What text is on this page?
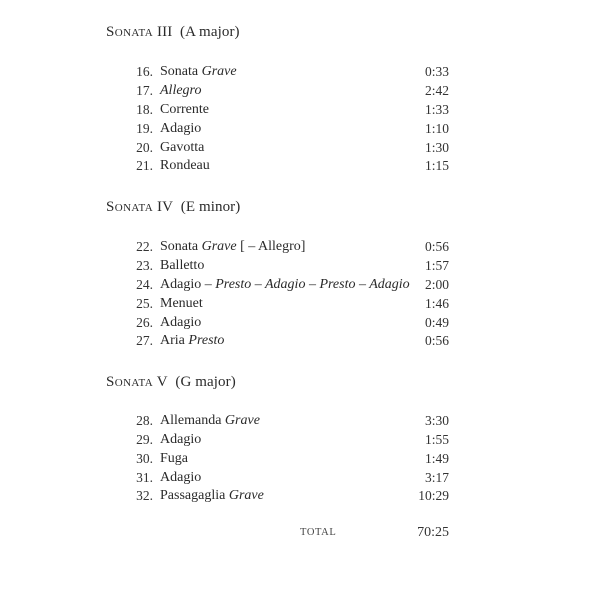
Sonata III (A major)
16. Sonata Grave	0:33
17. Allegro	2:42
18. Corrente	1:33
19. Adagio	1:10
20. Gavotta	1:30
21. Rondeau	1:15
Sonata IV (E minor)
22. Sonata Grave [ – Allegro]	0:56
23. Balletto	1:57
24. Adagio – Presto – Adagio – Presto – Adagio 2:00
25. Menuet	1:46
26. Adagio	0:49
27. Aria Presto	0:56
Sonata V (G major)
28. Allemanda Grave	3:30
29. Adagio	1:55
30. Fuga	1:49
31. Adagio	3:17
32. Passagaglia Grave	10:29
TOTAL	70:25
